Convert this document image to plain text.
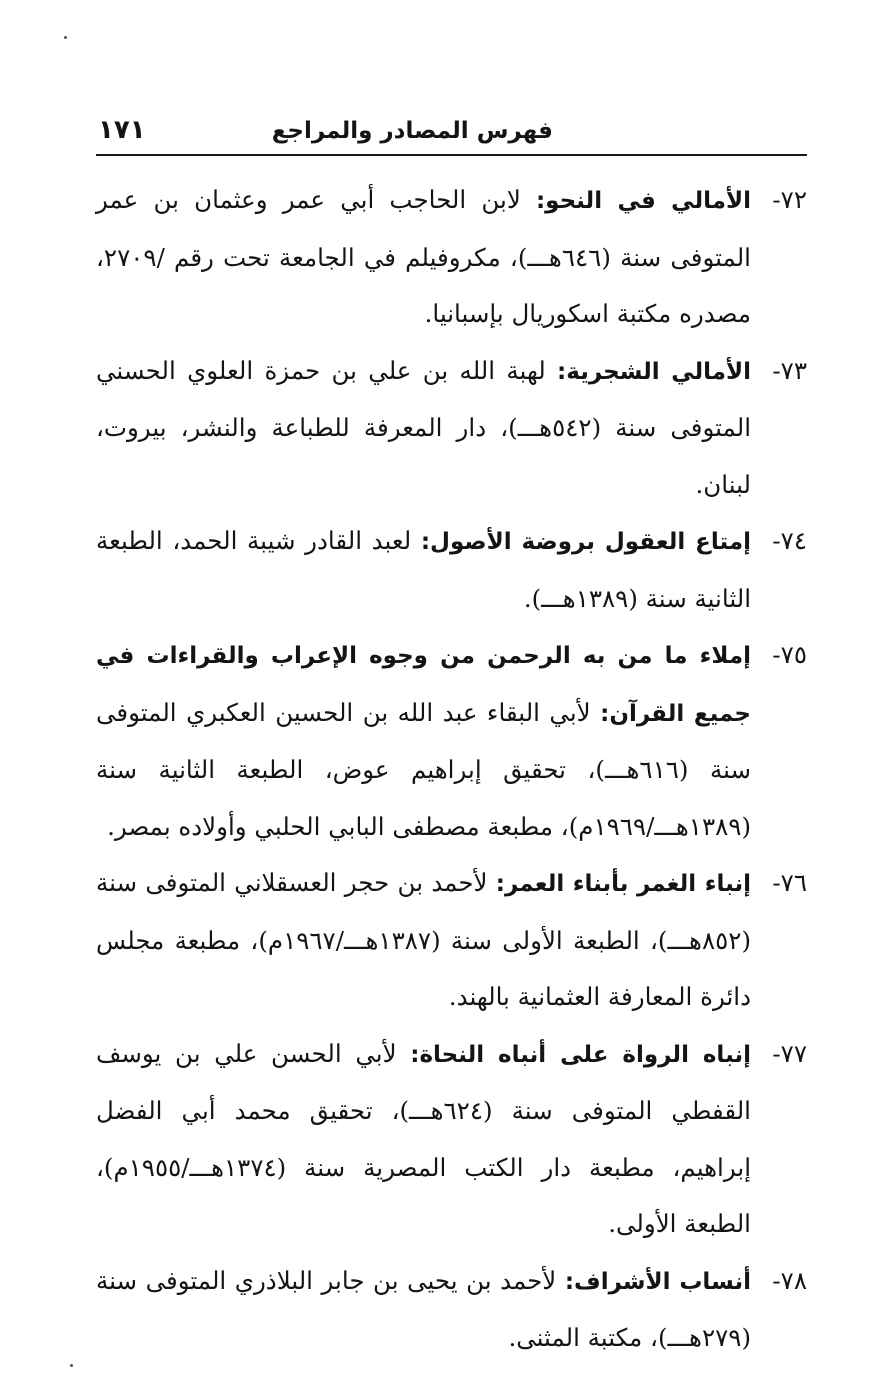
فهرس المصادر والمراجع
١٧١

٧٢-
الأمالي في النحو: لابن الحاجب أبي عمر وعثمان بن عمر المتوفى سنة (٦٤٦هـــ)، مكروفيلم في الجامعة تحت رقم /٢٧٠٩، مصدره مكتبة اسكوريال بإسبانيا.

٧٣-
الأمالي الشجرية: لهبة الله بن علي بن حمزة العلوي الحسني المتوفى سنة (٥٤٢هـــ)، دار المعرفة للطباعة والنشر، بيروت، لبنان.

٧٤-
إمتاع العقول بروضة الأصول: لعبد القادر شيبة الحمد، الطبعة الثانية سنة (١٣٨٩هـــ).

٧٥-
إملاء ما من به الرحمن من وجوه الإعراب والقراءات في جميع القرآن: لأبي البقاء عبد الله بن الحسين العكبري المتوفى سنة (٦١٦هـــ)، تحقيق إبراهيم عوض، الطبعة الثانية سنة (١٣٨٩هـــ/١٩٦٩م)، مطبعة مصطفى البابي الحلبي وأولاده بمصر.

٧٦-
إنباء الغمر بأبناء العمر: لأحمد بن حجر العسقلاني المتوفى سنة (٨٥٢هـــ)، الطبعة الأولى سنة (١٣٨٧هـــ/١٩٦٧م)، مطبعة مجلس دائرة المعارفة العثمانية بالهند.

٧٧-
إنباه الرواة على أنباه النحاة: لأبي الحسن علي بن يوسف القفطي المتوفى سنة (٦٢٤هـــ)، تحقيق محمد أبي الفضل إبراهيم، مطبعة دار الكتب المصرية سنة (١٣٧٤هـــ/١٩٥٥م)، الطبعة الأولى.

٧٨-
أنساب الأشراف: لأحمد بن يحيى بن جابر البلاذري المتوفى سنة (٢٧٩هـــ)، مكتبة المثنى.
